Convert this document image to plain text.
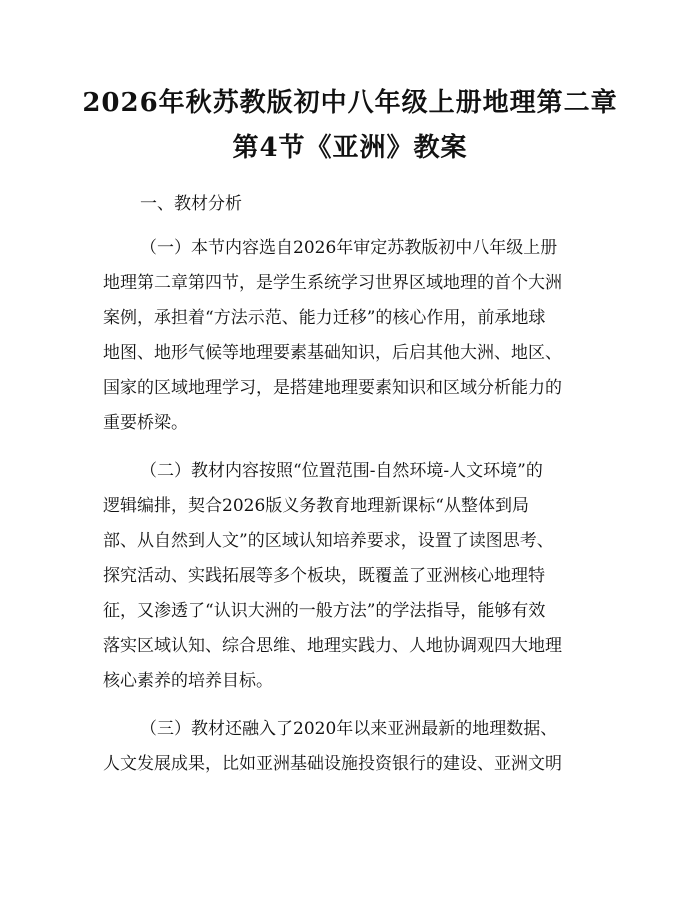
2026年秋苏教版初中八年级上册地理第二章
第4节《亚洲》教案
一、教材分析
（一）本节内容选自2026年审定苏教版初中八年级上册
地理第二章第四节，是学生系统学习世界区域地理的首个大洲
案例，承担着“方法示范、能力迁移”的核心作用，前承地球
地图、地形气候等地理要素基础知识，后启其他大洲、地区、
国家的区域地理学习，是搭建地理要素知识和区域分析能力的
重要桥梁。
（二）教材内容按照“位置范围-自然环境-人文环境”的
逻辑编排，契合2026版义务教育地理新课标“从整体到局
部、从自然到人文”的区域认知培养要求，设置了读图思考、
探究活动、实践拓展等多个板块，既覆盖了亚洲核心地理特
征，又渗透了“认识大洲的一般方法”的学法指导，能够有效
落实区域认知、综合思维、地理实践力、人地协调观四大地理
核心素养的培养目标。
（三）教材还融入了2020年以来亚洲最新的地理数据、
人文发展成果，比如亚洲基础设施投资银行的建设、亚洲文明
